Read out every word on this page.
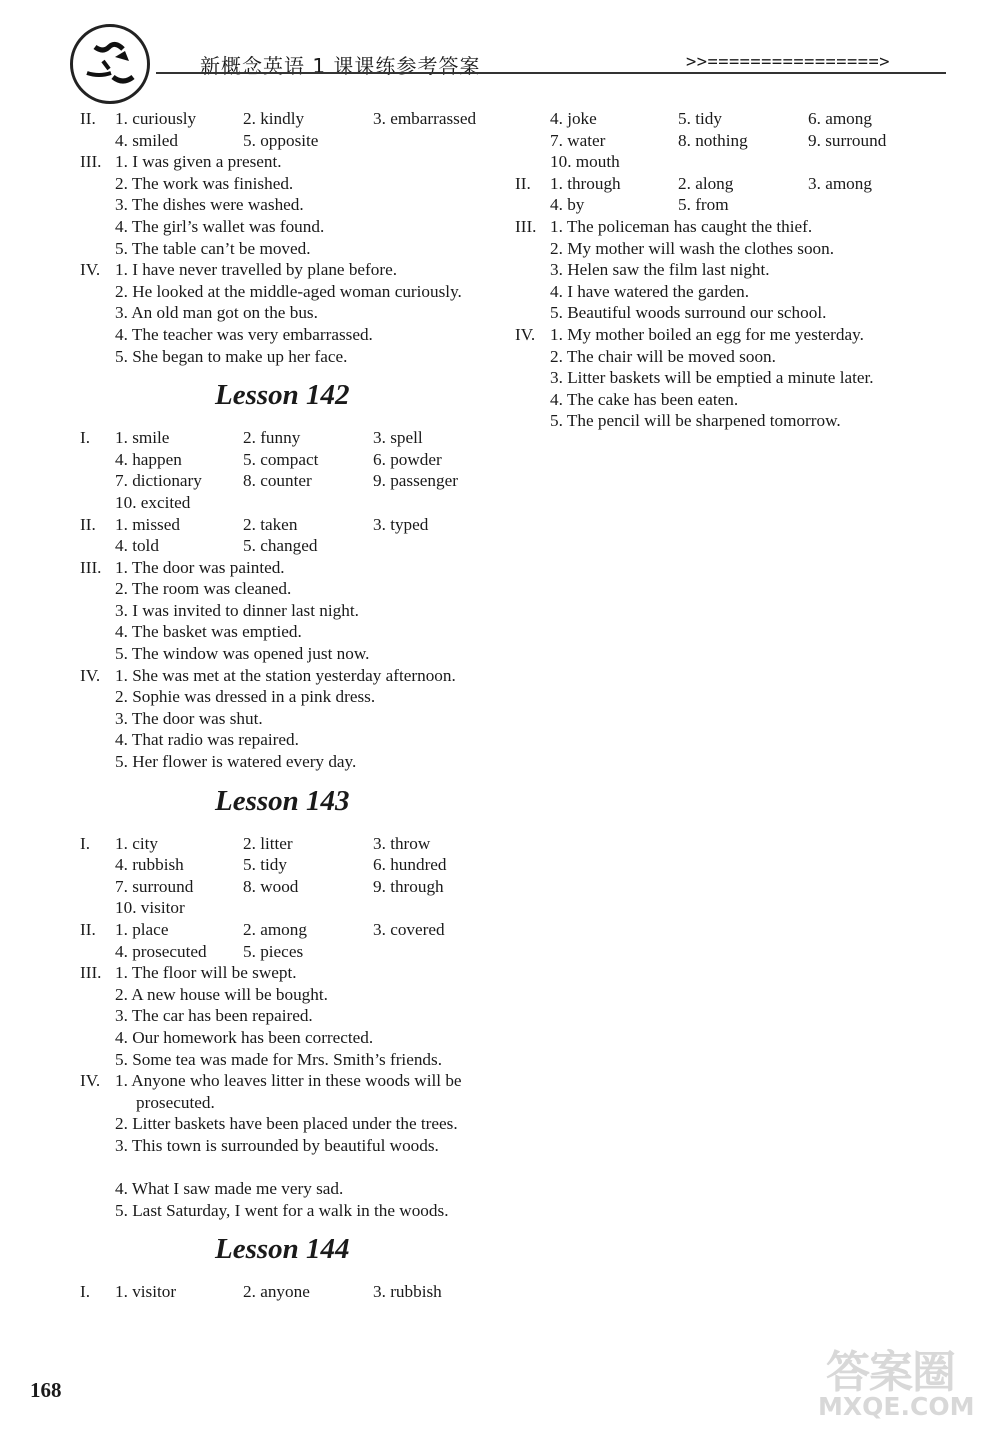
新概念英语 1 课课练参考答案	>>================>
II.	1. curiously	2. kindly	3. embarrassed
4. smiled	5. opposite
III. 1. I was given a present.
2. The work was finished.
3. The dishes were washed.
4. The girl’s wallet was found.
5. The table can’t be moved.
IV. 1. I have never travelled by plane before.
2. He looked at the middle-aged woman curiously.
3. An old man got on the bus.
4. The teacher was very embarrassed.
5. She began to make up her face.
Lesson 142
I.	1. smile	2. funny	3. spell
4. happen	5. compact	6. powder
7. dictionary	8. counter	9. passenger
10. excited
II.	1. missed	2. taken	3. typed
4. told	5. changed
III. 1. The door was painted.
2. The room was cleaned.
3. I was invited to dinner last night.
4. The basket was emptied.
5. The window was opened just now.
IV. 1. She was met at the station yesterday afternoon.
2. Sophie was dressed in a pink dress.
3. The door was shut.
4. That radio was repaired.
5. Her flower is watered every day.
Lesson 143
I.	1. city	2. litter	3. throw
4. rubbish	5. tidy	6. hundred
7. surround	8. wood	9. through
10. visitor
II.	1. place	2. among	3. covered
4. prosecuted	5. pieces
III. 1. The floor will be swept.
2. A new house will be bought.
3. The car has been repaired.
4. Our homework has been corrected.
5. Some tea was made for Mrs. Smith’s friends.
IV. 1. Anyone who leaves litter in these woods will be prosecuted.
2. Litter baskets have been placed under the trees.
3. This town is surrounded by beautiful woods.
4. What I saw made me very sad.
5. Last Saturday, I went for a walk in the woods.
Lesson 144
I.	1. visitor	2. anyone	3. rubbish
4. joke	5. tidy	6. among
7. water	8. nothing	9. surround
10. mouth
II.	1. through	2. along	3. among
4. by	5. from
III. 1. The policeman has caught the thief.
2. My mother will wash the clothes soon.
3. Helen saw the film last night.
4. I have watered the garden.
5. Beautiful woods surround our school.
IV. 1. My mother boiled an egg for me yesterday.
2. The chair will be moved soon.
3. Litter baskets will be emptied a minute later.
4. The cake has been eaten.
5. The pencil will be sharpened tomorrow.
168	答案圈
MXQE.COM
